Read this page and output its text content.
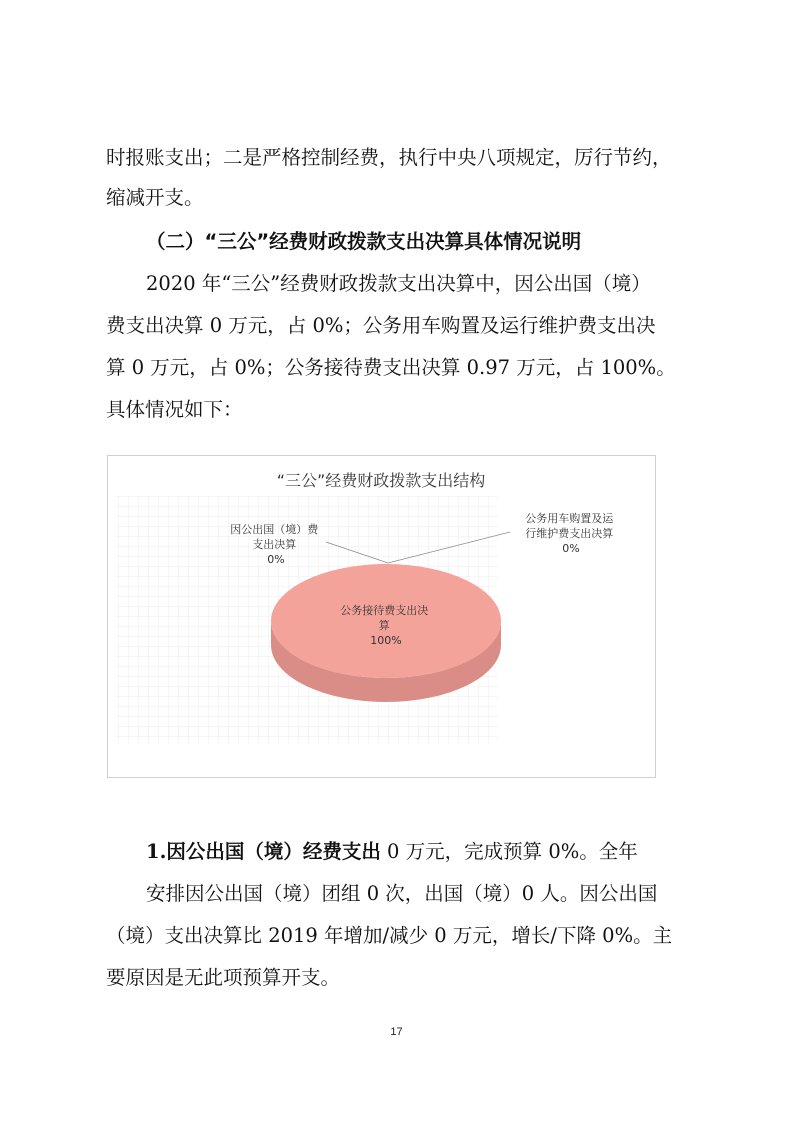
时报账支出；二是严格控制经费，执行中央八项规定，厉行节约，
缩减开支。
（二）“三公”经费财政拨款支出决算具体情况说明
2020 年“三公”经费财政拨款支出决算中，因公出国（境）
费支出决算 0 万元，占 0%；公务用车购置及运行维护费支出决
算 0 万元，占 0%；公务接待费支出决算 0.97 万元，占 100%。
具体情况如下：
“三公”经费财政拨款支出结构
因公出国（境）费 支出决算 0%
公务用车购置及运 行维护费支出决算 0%
公务接待费支出决 算 100%
1.因公出国（境）经费支出 0 万元，完成预算 0%。全年
安排因公出国（境）团组 0 次，出国（境）0 人。因公出国
（境）支出决算比 2019 年增加/减少 0 万元，增长/下降 0%。主
要原因是无此项预算开支。
17
